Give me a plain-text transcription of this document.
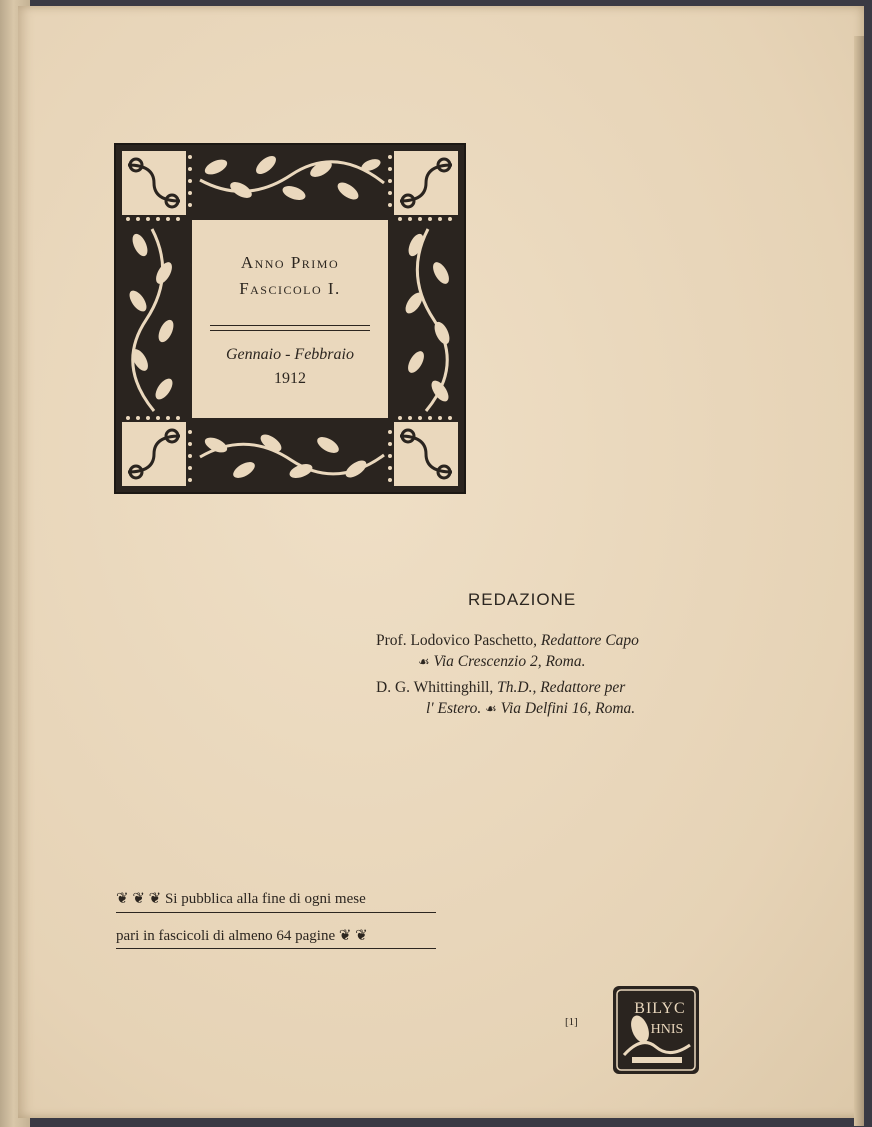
Anno Primo
Fascicolo I.
Gennaio - Febbraio
1912
REDAZIONE
Prof. Lodovico Paschetto, Redattore Capo
☙ Via Crescenzio 2, Roma.
D. G. Whittinghill, Th.D., Redattore per
l' Estero. ☙ Via Delfini 16, Roma.
❦ ❦ ❦ Si pubblica alla fine di ogni mese
pari in fascicoli di almeno 64 pagine ❦ ❦
[1]
BILYC
HNIS
